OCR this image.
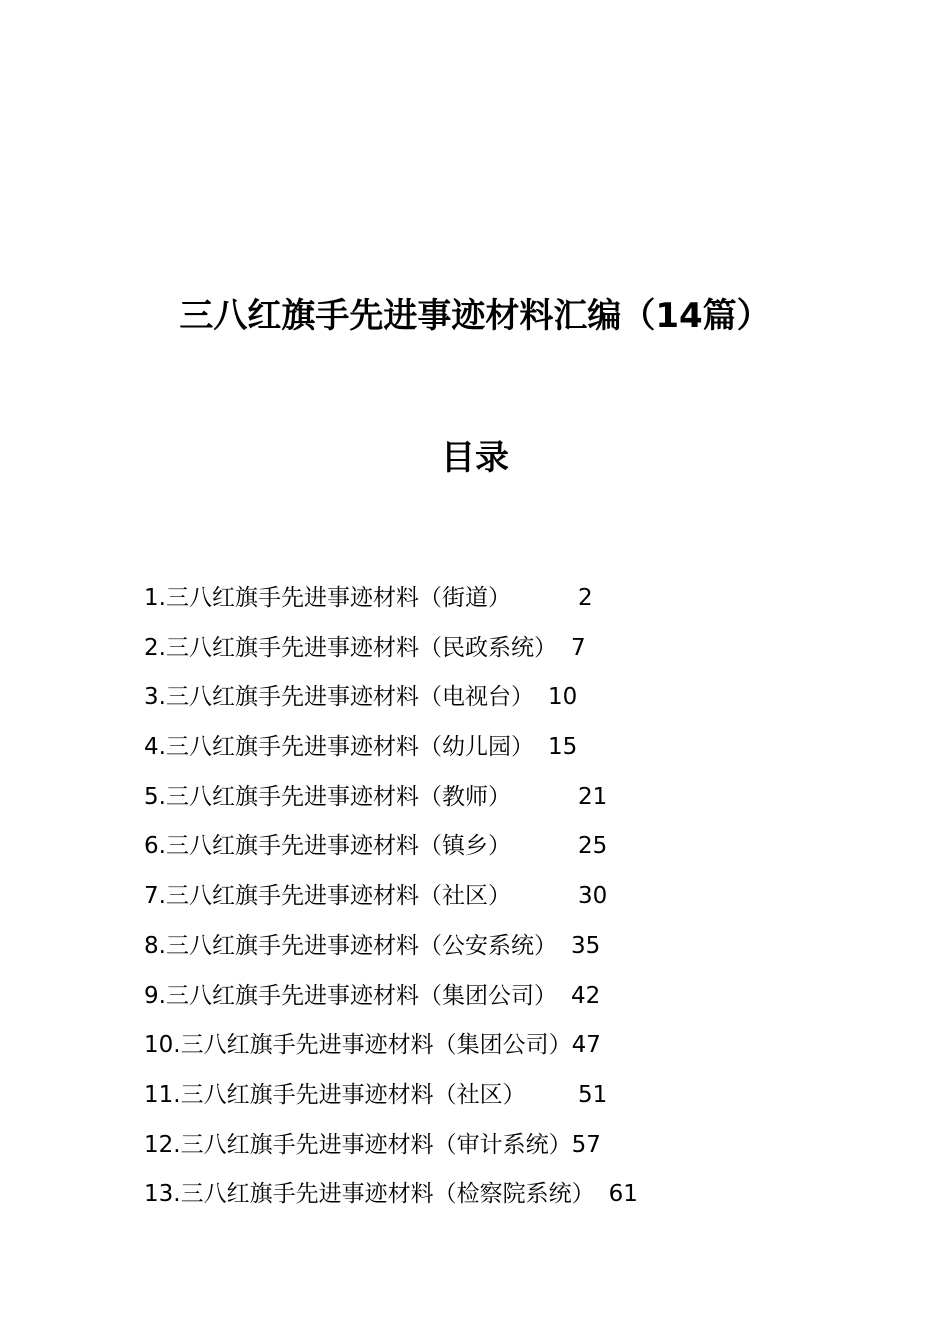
三八红旗手先进事迹材料汇编（14篇）
目录
1.三八红旗手先进事迹材料（街道）	2
2.三八红旗手先进事迹材料（民政系统） 7
3.三八红旗手先进事迹材料（电视台） 10
4.三八红旗手先进事迹材料（幼儿园） 15
5.三八红旗手先进事迹材料（教师）	21
6.三八红旗手先进事迹材料（镇乡）	25
7.三八红旗手先进事迹材料（社区）	30
8.三八红旗手先进事迹材料（公安系统） 35
9.三八红旗手先进事迹材料（集团公司） 42
10.三八红旗手先进事迹材料（集团公司） 47
11.三八红旗手先进事迹材料（社区）	51
12.三八红旗手先进事迹材料（审计系统） 57
13.三八红旗手先进事迹材料（检察院系统） 61
